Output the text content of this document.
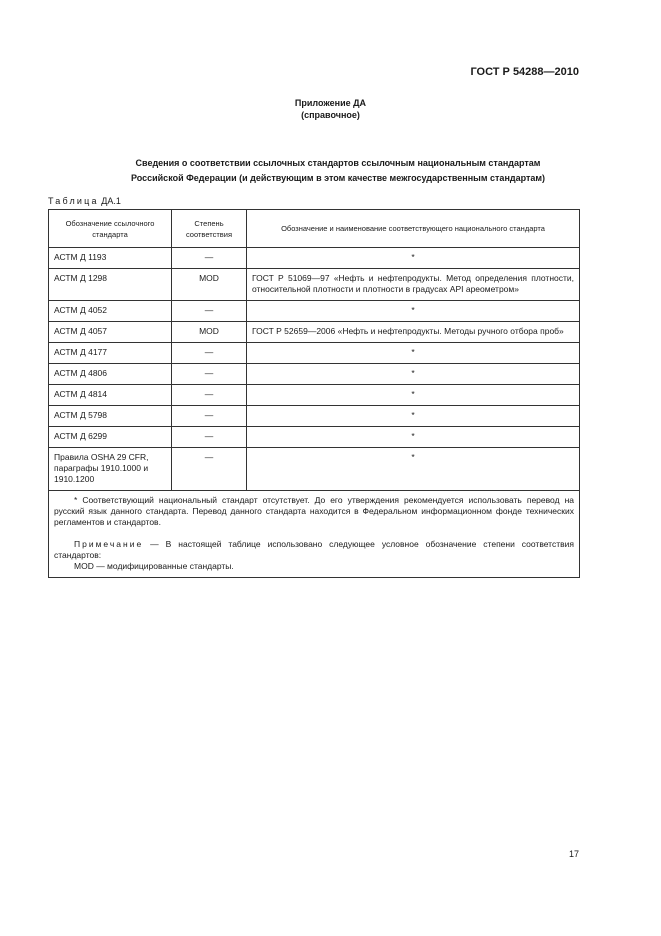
ГОСТ Р 54288—2010
Приложение ДА
(справочное)
Сведения о соответствии ссылочных стандартов ссылочным национальным стандартам
Российской Федерации (и действующим в этом качестве межгосударственным стандартам)
Таблица ДА.1
Обозначение ссылочного стандарта	Степень соответствия	Обозначение и наименование соответствующего национального стандарта
АСТМ Д 1193	—	*
АСТМ Д 1298	MOD	ГОСТ Р 51069—97 «Нефть и нефтепродукты. Метод определения плотности, относительной плотности и плотности в градусах API ареометром»
АСТМ Д 4052	—	*
АСТМ Д 4057	MOD	ГОСТ Р 52659—2006 «Нефть и нефтепродукты. Методы ручного отбора проб»
АСТМ Д 4177	—	*
АСТМ Д 4806	—	*
АСТМ Д 4814	—	*
АСТМ Д 5798	—	*
АСТМ Д 6299	—	*
Правила OSHA 29 CFR, параграфы 1910.1000 и 1910.1200	—	*

* Соответствующий национальный стандарт отсутствует. До его утверждения рекомендуется использовать перевод на русский язык данного стандарта. Перевод данного стандарта находится в Федеральном информационном фонде технических регламентов и стандартов.

Примечание — В настоящей таблице использовано следующее условное обозначение степени соответствия стандартов:

MOD — модифицированные стандарты.		

17
